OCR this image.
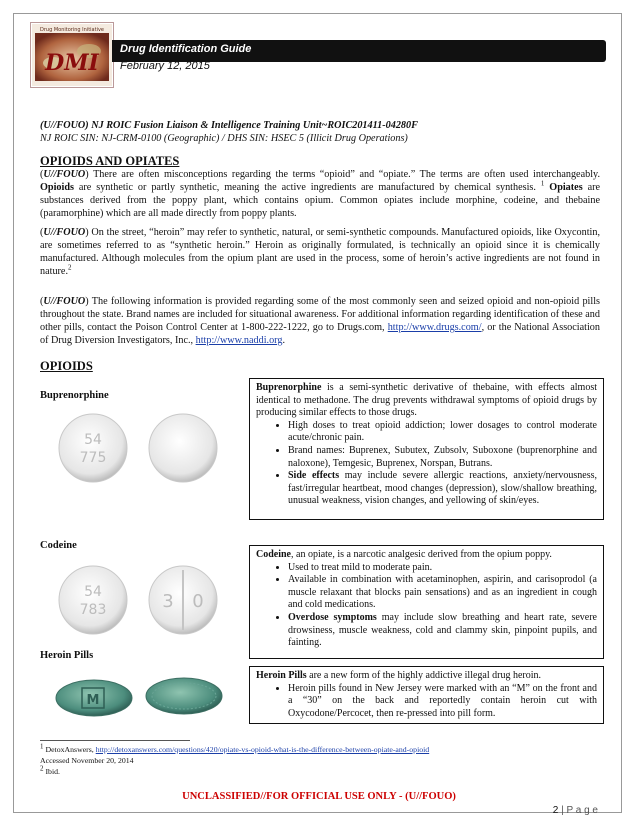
DMI
Drug Monitoring Initiative
Drug Identification Guide
February 12, 2015
(U//FOUO) NJ ROIC Fusion Liaison & Intelligence Training Unit~ROIC201411-04280F
NJ ROIC SIN: NJ-CRM-0100 (Geographic) / DHS SIN: HSEC 5 (Illicit Drug Operations)
OPIOIDS AND OPIATES
(U//FOUO) There are often misconceptions regarding the terms “opioid” and “opiate.” The terms are often used interchangeably. Opioids are synthetic or partly synthetic, meaning the active ingredients are manufactured by chemical synthesis. $^1$ Opiates are substances derived from the poppy plant, which contains opium. Common opiates include morphine, codeine, and thebaine (paramorphine) which are all made directly from poppy plants.
(U//FOUO) On the street, “heroin” may refer to synthetic, natural, or semi-synthetic compounds. Manufactured opioids, like Oxycontin, are sometimes referred to as “synthetic heroin.” Heroin as originally formulated, is technically an opioid since it is chemically manufactured. Although molecules from the opium plant are used in the process, some of heroin’s active ingredients are not found in nature.$^2$
(U//FOUO) The following information is provided regarding some of the most commonly seen and seized opioid and non-opioid pills throughout the state. Brand names are included for situational awareness. For additional information regarding identification of these and other pills, contact the Poison Control Center at 1-800-222-1222, go to Drugs.com, http://www.drugs.com/, or the National Association of Drug Diversion Investigators, Inc., http://www.naddi.org.
OPIOIDS
Buprenorphine
54
775
Buprenorphine is a semi-synthetic derivative of thebaine, with effects almost identical to methadone. The drug prevents withdrawal symptoms of opioid drugs by producing similar effects to those drugs.
• High doses to treat opioid addiction; lower dosages to control moderate acute/chronic pain.
• Brand names: Buprenex, Subutex, Zubsolv, Suboxone (buprenorphine and naloxone), Temgesic, Buprenex, Norspan, Butrans.
• Side effects may include severe allergic reactions, anxiety/nervousness, fast/irregular heartbeat, mood changes (depression), slow/shallow breathing, unusual weakness, vision changes, and yellowing of skin/eyes.
Codeine
54
783	3 0
Codeine, an opiate, is a narcotic analgesic derived from the opium poppy.
• Used to treat mild to moderate pain.
• Available in combination with acetaminophen, aspirin, and carisoprodol (a muscle relaxant that blocks pain sensations) and as an ingredient in cough and cold medications.
• Overdose symptoms may include slow breathing and heart rate, severe drowsiness, muscle weakness, cold and clammy skin, pinpoint pupils, and fainting.
Heroin Pills
M
Heroin Pills are a new form of the highly addictive illegal drug heroin.
• Heroin pills found in New Jersey were marked with an “M” on the front and a “30” on the back and reportedly contain heroin cut with Oxycodone/Percocet, then re-pressed into pill form.
$^1$ DetoxAnswers, http://detoxanswers.com/questions/420/opiate-vs-opioid-what-is-the-difference-between-opiate-and-opioid
Accessed November 20, 2014
$^2$ Ibid.
UNCLASSIFIED//FOR OFFICIAL USE ONLY - (U//FOUO)
2 | P a g e
